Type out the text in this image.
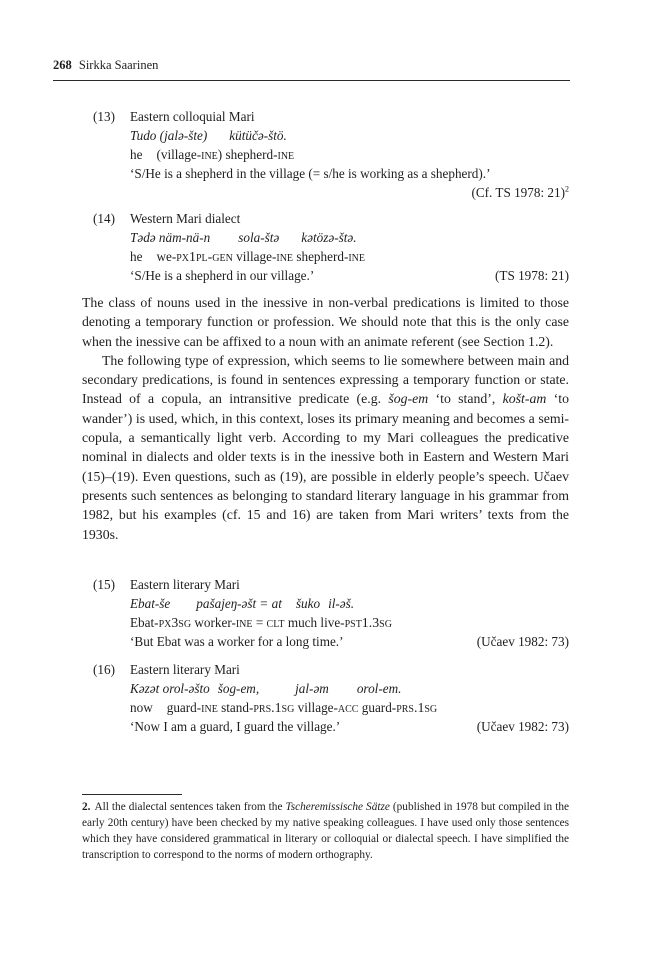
268 Sirkka Saarinen
(13) Eastern colloquial Mari
Tudo (jalə-šte) kütüčə-štö.
he (village-ine) shepherd-ine
‘S/He is a shepherd in the village (= s/he is working as a shepherd).’
(Cf. TS 1978: 21)$^2$
(14) Western Mari dialect
Tədə näm-nä-n sola-štə kətözə-štə.
he we-px1pl-gen village-ine shepherd-ine
‘S/He is a shepherd in our village.’	(TS 1978: 21)

The class of nouns used in the inessive in non-verbal predications is limited to those denoting a temporary function or profession. We should note that this is the only case when the inessive can be affixed to a noun with an animate referent (see Section 1.2).

The following type of expression, which seems to lie somewhere between main and secondary predications, is found in sentences expressing a temporary function or state. Instead of a copula, an intransitive predicate (e.g. šog-em ‘to stand’, košt-am ‘to wander’) is used, which, in this context, loses its primary meaning and becomes a semi-copula, a semantically light verb. According to my Mari colleagues the predicative nominal in dialects and older texts is in the inessive both in Eastern and Western Mari (15)–(19). Even questions, such as (19), are possible in elderly people’s speech. Učaev presents such sentences as belonging to standard literary language in his grammar from 1982, but his examples (cf. 15 and 16) are taken from Mari writers’ texts from the 1930s.

(15) Eastern literary Mari
Ebat-še pašajeŋ-əšt = at šuko il-əš.
Ebat-px3sg worker-ine = clt much live-pst1.3sg
‘But Ebat was a worker for a long time.’	(Učaev 1982: 73)
(16) Eastern literary Mari
Kəzət orol-əšto šog-em,	jal-əm orol-em.
now guard-ine stand-prs.1sg village-acc guard-prs.1sg
‘Now I am a guard, I guard the village.’	(Učaev 1982: 73)
2. All the dialectal sentences taken from the Tscheremissische Sätze (published in 1978 but compiled in the early 20th century) have been checked by my native speaking colleagues. I have used only those sentences which they have considered grammatical in literary or colloquial or dialectal speech. I have simplified the transcription to correspond to the norms of modern orthography.
